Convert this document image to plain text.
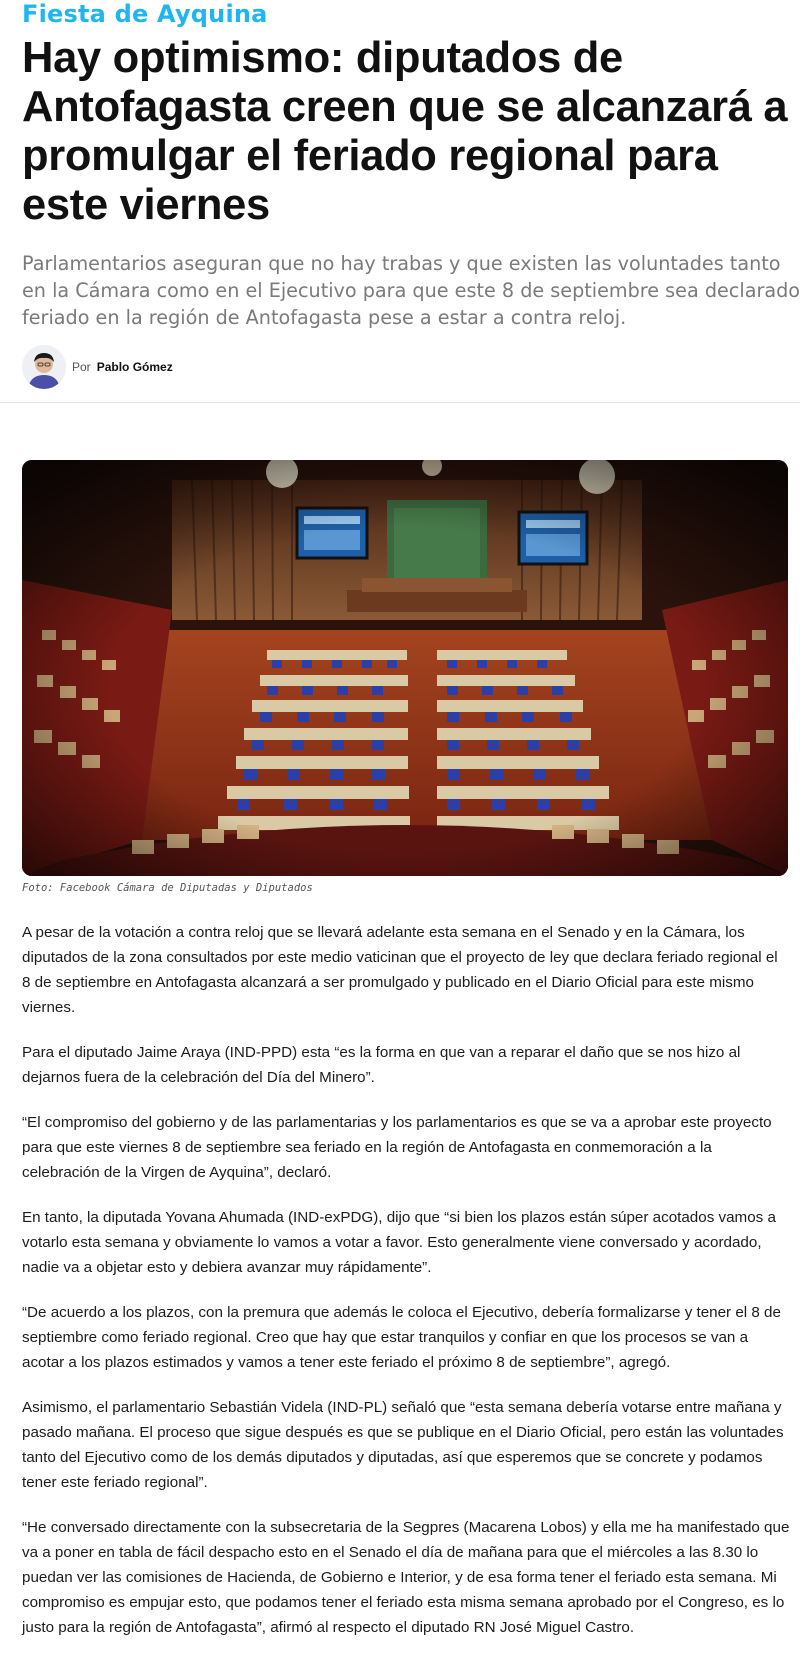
Fiesta de Ayquina
Hay optimismo: diputados de Antofagasta creen que se alcanzará a promulgar el feriado regional para este viernes

Parlamentarios aseguran que no hay trabas y que existen las voluntades tanto en la Cámara como en el Ejecutivo para que este 8 de septiembre sea declarado feriado en la región de Antofagasta pese a estar a contra reloj.

Por Pablo Gómez
Foto: Facebook Cámara de Diputadas y Diputados

A pesar de la votación a contra reloj que se llevará adelante esta semana en el Senado y en la Cámara, los diputados de la zona consultados por este medio vaticinan que el proyecto de ley que declara feriado regional el 8 de septiembre en Antofagasta alcanzará a ser promulgado y publicado en el Diario Oficial para este mismo viernes.

Para el diputado Jaime Araya (IND-PPD) esta “es la forma en que van a reparar el daño que se nos hizo al dejarnos fuera de la celebración del Día del Minero”.

“El compromiso del gobierno y de las parlamentarias y los parlamentarios es que se va a aprobar este proyecto para que este viernes 8 de septiembre sea feriado en la región de Antofagasta en conmemoración a la celebración de la Virgen de Ayquina”, declaró.

En tanto, la diputada Yovana Ahumada (IND-exPDG), dijo que “si bien los plazos están súper acotados vamos a votarlo esta semana y obviamente lo vamos a votar a favor. Esto generalmente viene conversado y acordado, nadie va a objetar esto y debiera avanzar muy rápidamente”.

“De acuerdo a los plazos, con la premura que además le coloca el Ejecutivo, debería formalizarse y tener el 8 de septiembre como feriado regional. Creo que hay que estar tranquilos y confiar en que los procesos se van a acotar a los plazos estimados y vamos a tener este feriado el próximo 8 de septiembre”, agregó.

Asimismo, el parlamentario Sebastián Videla (IND-PL) señaló que “esta semana debería votarse entre mañana y pasado mañana. El proceso que sigue después es que se publique en el Diario Oficial, pero están las voluntades tanto del Ejecutivo como de los demás diputados y diputadas, así que esperemos que se concrete y podamos tener este feriado regional”.

“He conversado directamente con la subsecretaria de la Segpres (Macarena Lobos) y ella me ha manifestado que va a poner en tabla de fácil despacho esto en el Senado el día de mañana para que el miércoles a las 8.30 lo puedan ver las comisiones de Hacienda, de Gobierno e Interior, y de esa forma tener el feriado esta semana. Mi compromiso es empujar esto, que podamos tener el feriado esta misma semana aprobado por el Congreso, es lo justo para la región de Antofagasta”, afirmó al respecto el diputado RN José Miguel Castro.
